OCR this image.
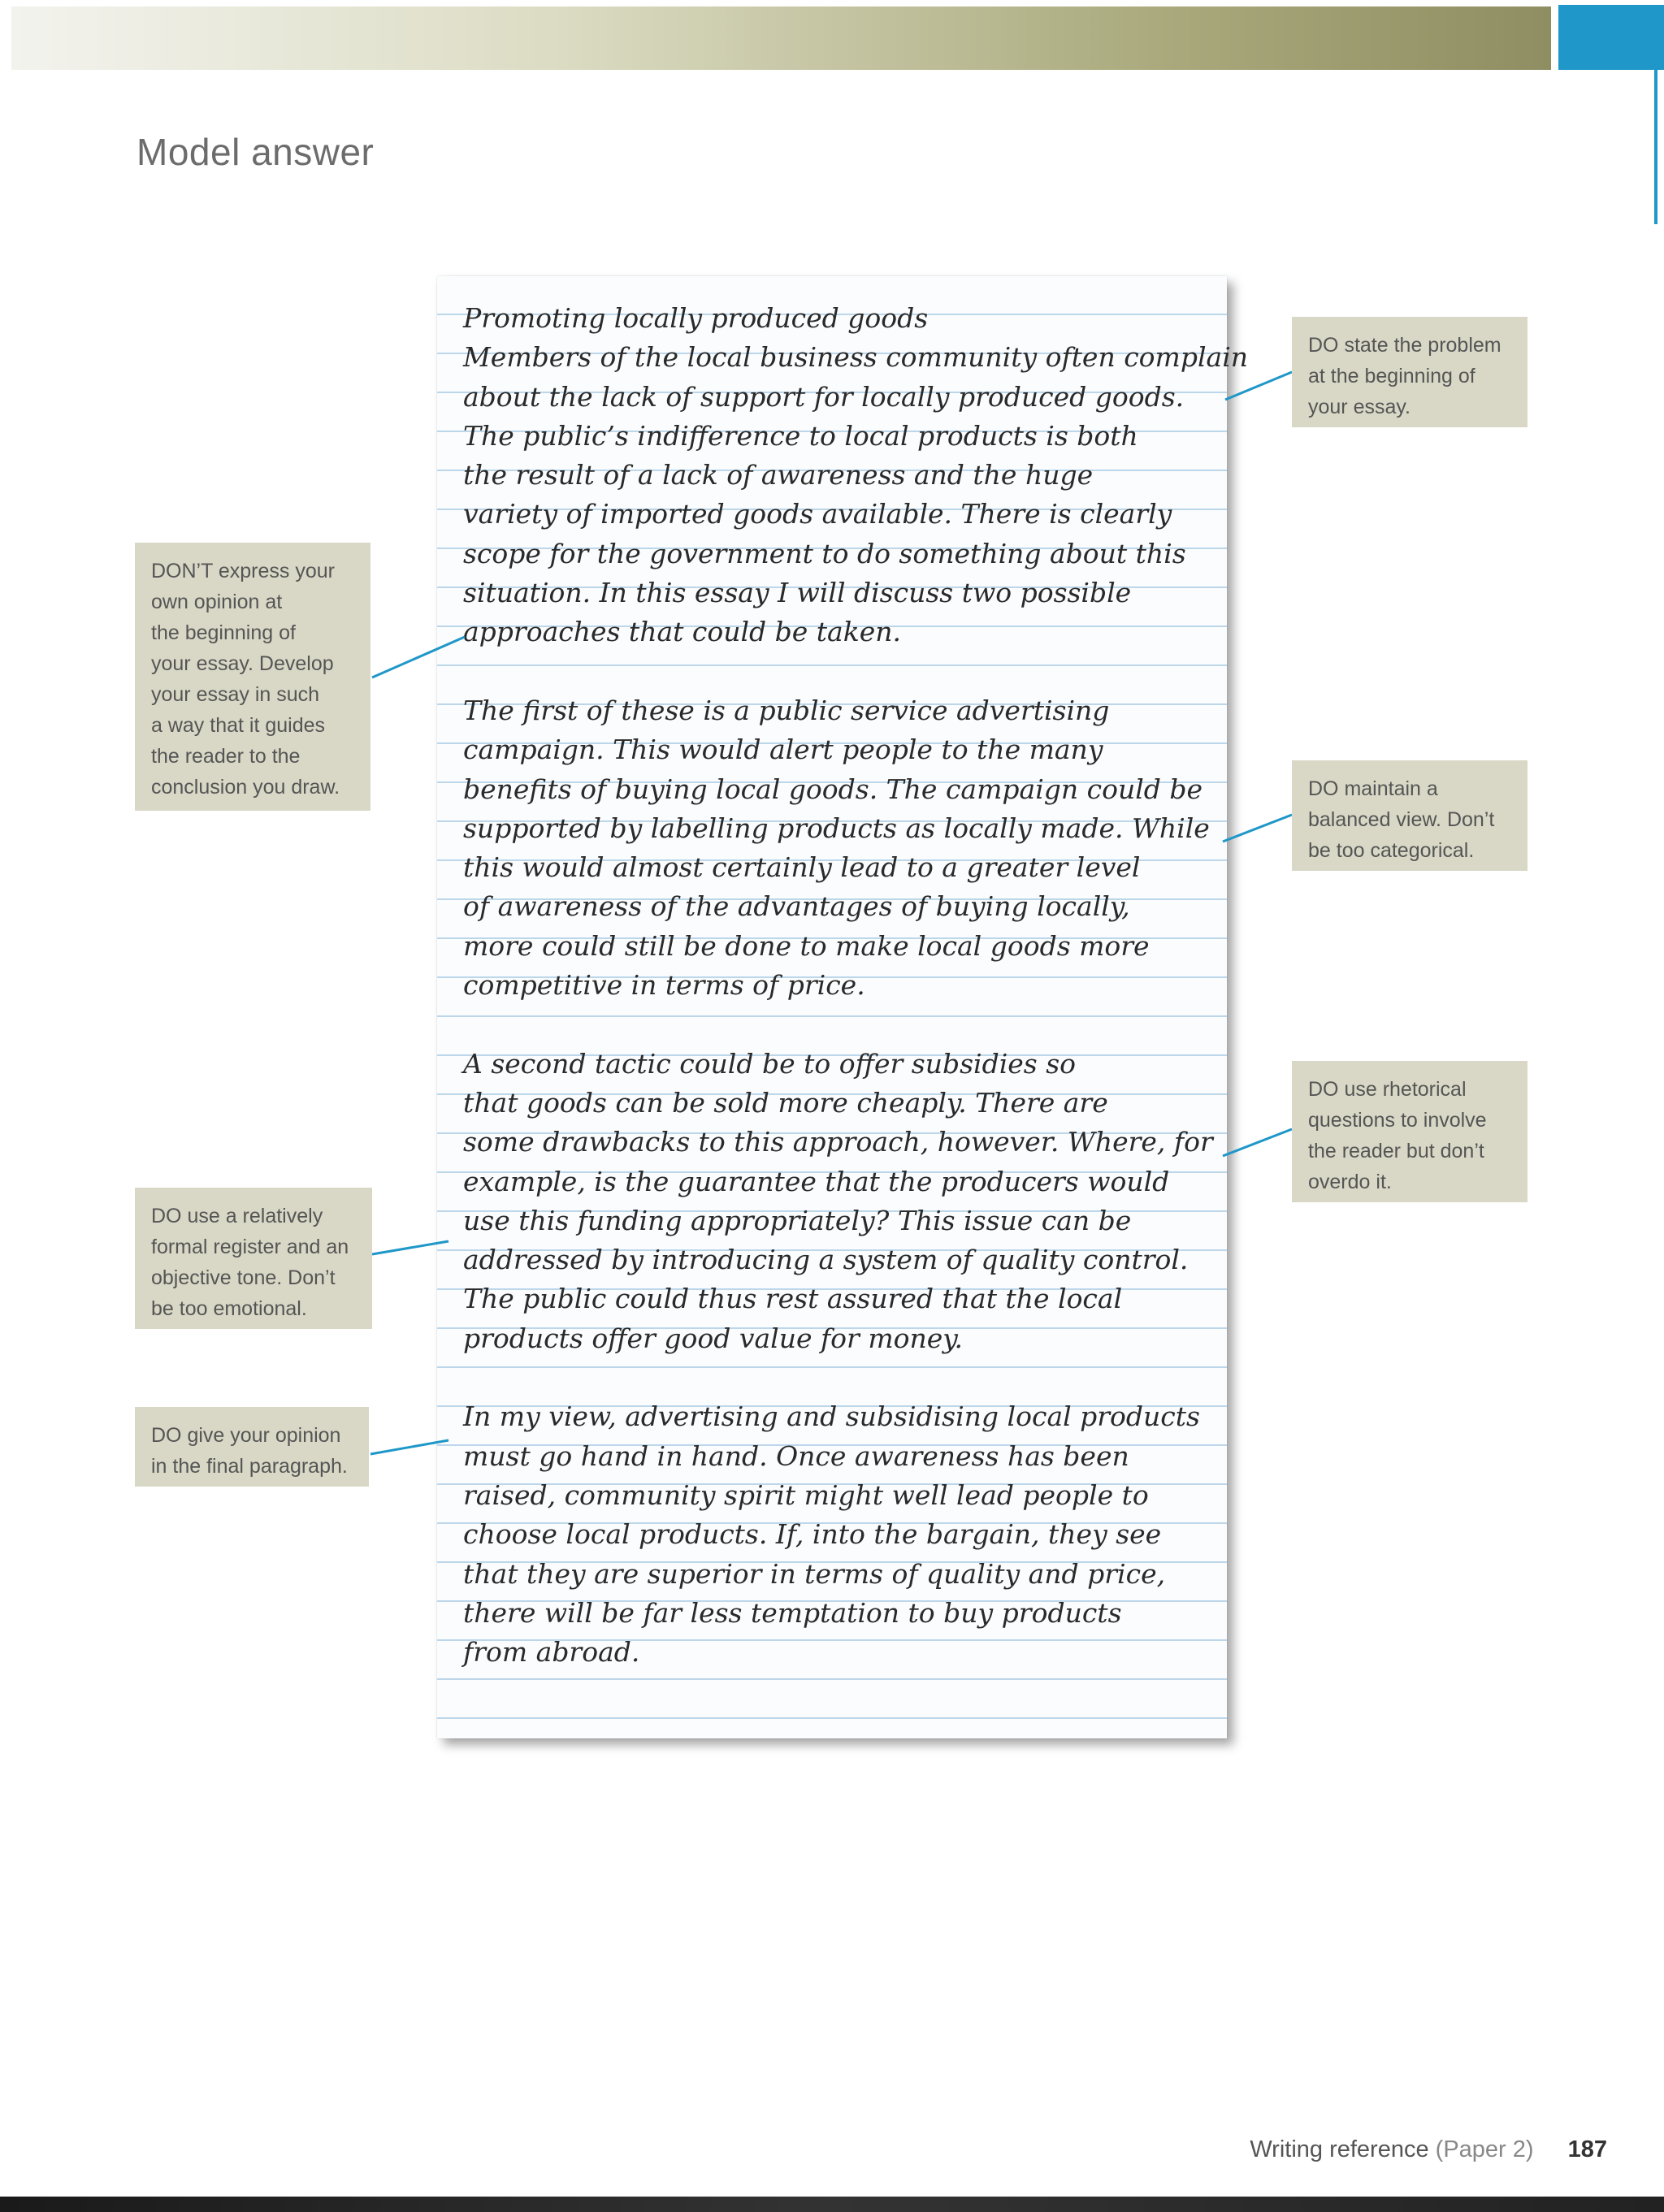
Model answer
Promoting locally produced goods
Members of the local business community often complain
about the lack of support for locally produced goods.
The public’s indifference to local products is both
the result of a lack of awareness and the huge
variety of imported goods available. There is clearly
scope for the government to do something about this
situation. In this essay I will discuss two possible
approaches that could be taken.
The first of these is a public service advertising
campaign. This would alert people to the many
benefits of buying local goods. The campaign could be
supported by labelling products as locally made. While
this would almost certainly lead to a greater level
of awareness of the advantages of buying locally,
more could still be done to make local goods more
competitive in terms of price.
A second tactic could be to offer subsidies so
that goods can be sold more cheaply. There are
some drawbacks to this approach, however. Where, for
example, is the guarantee that the producers would
use this funding appropriately? This issue can be
addressed by introducing a system of quality control.
The public could thus rest assured that the local
products offer good value for money.
In my view, advertising and subsidising local products
must go hand in hand. Once awareness has been
raised, community spirit might well lead people to
choose local products. If, into the bargain, they see
that they are superior in terms of quality and price,
there will be far less temptation to buy products
from abroad.
DON’T express your
own opinion at
the beginning of
your essay. Develop
your essay in such
a way that it guides
the reader to the
conclusion you draw.
DO use a relatively
formal register and an
objective tone. Don’t
be too emotional.
DO give your opinion
in the final paragraph.
DO state the problem
at the beginning of
your essay.
DO maintain a
balanced view. Don’t
be too categorical.
DO use rhetorical
questions to involve
the reader but don’t
overdo it.
Writing reference (Paper 2) 187
